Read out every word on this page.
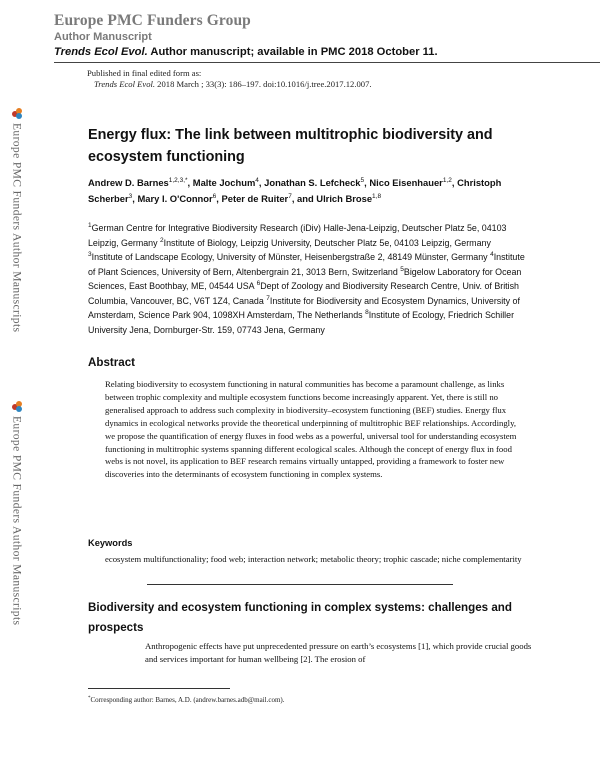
Europe PMC Funders Group
Author Manuscript
Trends Ecol Evol. Author manuscript; available in PMC 2018 October 11.
Published in final edited form as:
Trends Ecol Evol. 2018 March ; 33(3): 186–197. doi:10.1016/j.tree.2017.12.007.
Europe PMC Funders Author Manuscripts
Europe PMC Funders Author Manuscripts
Energy flux: The link between multitrophic biodiversity and ecosystem functioning
Andrew D. Barnes$^{1,2,3,*}$, Malte Jochum$^4$, Jonathan S. Lefcheck$^5$, Nico Eisenhauer$^{1,2}$, Christoph Scherber$^3$, Mary I. O'Connor$^6$, Peter de Ruiter$^7$, and Ulrich Brose$^{1,8}$
$^1$German Centre for Integrative Biodiversity Research (iDiv) Halle-Jena-Leipzig, Deutscher Platz 5e, 04103 Leipzig, Germany $^2$Institute of Biology, Leipzig University, Deutscher Platz 5e, 04103 Leipzig, Germany $^3$Institute of Landscape Ecology, University of Münster, Heisenbergstraße 2, 48149 Münster, Germany $^4$Institute of Plant Sciences, University of Bern, Altenbergrain 21, 3013 Bern, Switzerland $^5$Bigelow Laboratory for Ocean Sciences, East Boothbay, ME, 04544 USA $^6$Dept of Zoology and Biodiversity Research Centre, Univ. of British Columbia, Vancouver, BC, V6T 1Z4, Canada $^7$Institute for Biodiversity and Ecosystem Dynamics, University of Amsterdam, Science Park 904, 1098XH Amsterdam, The Netherlands $^8$Institute of Ecology, Friedrich Schiller University Jena, Dornburger-Str. 159, 07743 Jena, Germany
Abstract
Relating biodiversity to ecosystem functioning in natural communities has become a paramount challenge, as links between trophic complexity and multiple ecosystem functions become increasingly apparent. Yet, there is still no generalised approach to address such complexity in biodiversity–ecosystem functioning (BEF) studies. Energy flux dynamics in ecological networks provide the theoretical underpinning of multitrophic BEF relationships. Accordingly, we propose the quantification of energy fluxes in food webs as a powerful, universal tool for understanding ecosystem functioning in multitrophic systems spanning different ecological scales. Although the concept of energy flux in food webs is not novel, its application to BEF research remains virtually untapped, providing a framework to foster new discoveries into the determinants of ecosystem functioning in complex systems.
Keywords
ecosystem multifunctionality; food web; interaction network; metabolic theory; trophic cascade; niche complementarity
Biodiversity and ecosystem functioning in complex systems: challenges and prospects
Anthropogenic effects have put unprecedented pressure on earth’s ecosystems [1], which provide crucial goods and services important for human wellbeing [2]. The erosion of
*Corresponding author: Barnes, A.D. (andrew.barnes.adb@mail.com).
